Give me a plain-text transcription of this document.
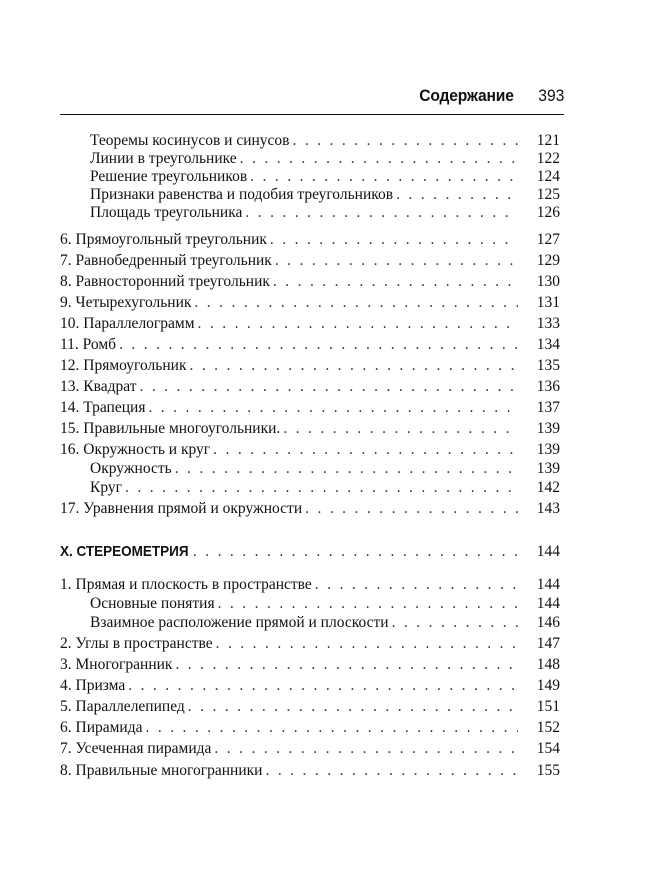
Содержание 393
Теоремы косинусов и синусов . . .	121
Линии в треугольнике . . .	122
Решение треугольников . . .	124
Признаки равенства и подобия треугольников . . .	125
Площадь треугольника . . .	126
6. Прямоугольный треугольник . . .	127
7. Равнобедренный треугольник . . .	129
8. Равносторонний треугольник . . .	130
9. Четырехугольник . . .	131
10. Параллелограмм . . .	133
11. Ромб . . .	134
12. Прямоугольник . . .	135
13. Квадрат . . .	136
14. Трапеция . . .	137
15. Правильные многоугольники. . . .	139
16. Окружность и круг . . .	139
Окружность . . .	139
Круг . . .	142
17. Уравнения прямой и окружности . . .	143
X. СТЕРЕОМЕТРИЯ . . .	144
1. Прямая и плоскость в пространстве . . .	144
Основные понятия . . .	144
Взаимное расположение прямой и плоскости . . .	146
2. Углы в пространстве . . .	147
3. Многогранник . . .	148
4. Призма . . .	149
5. Параллелепипед . . .	151
6. Пирамида . . .	152
7. Усеченная пирамида . . .	154
8. Правильные многогранники . . .	155
